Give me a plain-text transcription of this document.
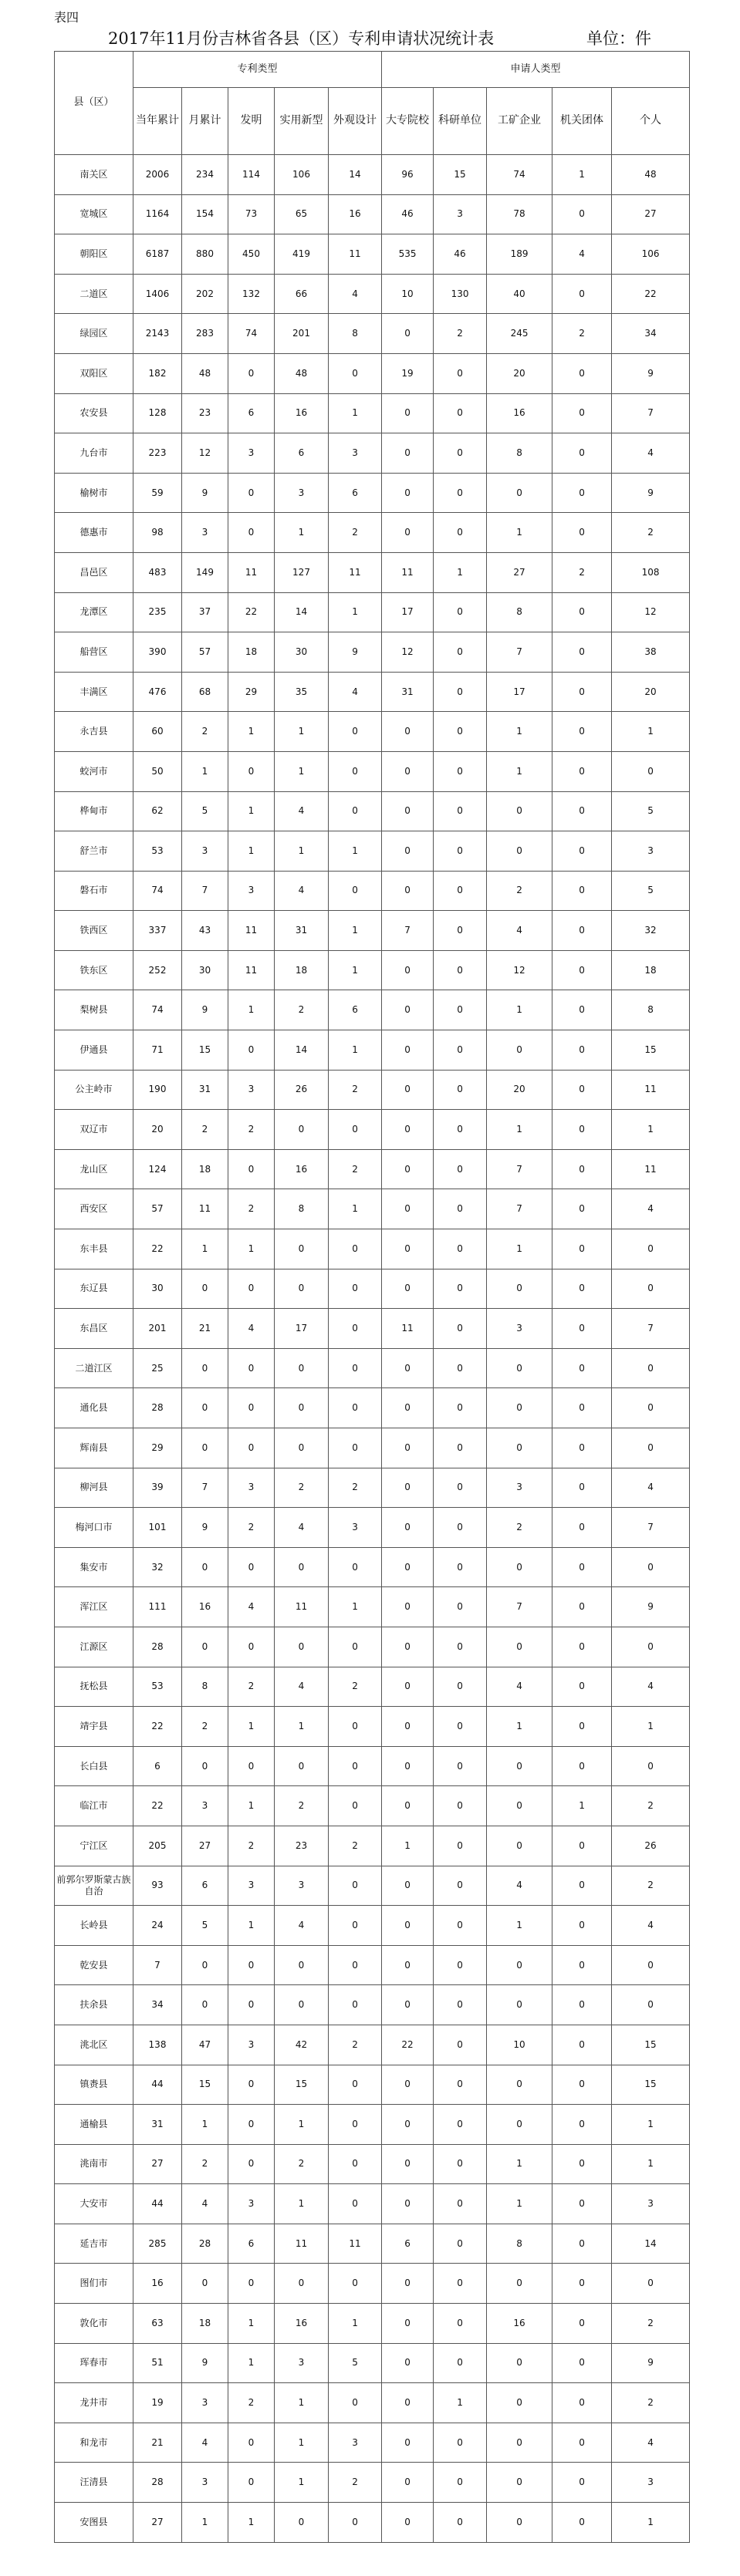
表四
2017年11月份吉林省各县（区）专利申请状况统计表	单位：件
县（区）	专利类型					申请人类型				
	当年累计	月累计	发明	实用新型	外观设计	大专院校	科研单位	工矿企业	机关团体	个人
南关区	2006	234	114	106	14	96	15	74	1	48
宽城区	1164	154	73	65	16	46	3	78	0	27
朝阳区	6187	880	450	419	11	535	46	189	4	106
二道区	1406	202	132	66	4	10	130	40	0	22
绿园区	2143	283	74	201	8	0	2	245	2	34
双阳区	182	48	0	48	0	19	0	20	0	9
农安县	128	23	6	16	1	0	0	16	0	7
九台市	223	12	3	6	3	0	0	8	0	4
榆树市	59	9	0	3	6	0	0	0	0	9
德惠市	98	3	0	1	2	0	0	1	0	2
昌邑区	483	149	11	127	11	11	1	27	2	108
龙潭区	235	37	22	14	1	17	0	8	0	12
船营区	390	57	18	30	9	12	0	7	0	38
丰满区	476	68	29	35	4	31	0	17	0	20
永吉县	60	2	1	1	0	0	0	1	0	1
蛟河市	50	1	0	1	0	0	0	1	0	0
桦甸市	62	5	1	4	0	0	0	0	0	5
舒兰市	53	3	1	1	1	0	0	0	0	3
磐石市	74	7	3	4	0	0	0	2	0	5
铁西区	337	43	11	31	1	7	0	4	0	32
铁东区	252	30	11	18	1	0	0	12	0	18
梨树县	74	9	1	2	6	0	0	1	0	8
伊通县	71	15	0	14	1	0	0	0	0	15
公主岭市	190	31	3	26	2	0	0	20	0	11
双辽市	20	2	2	0	0	0	0	1	0	1
龙山区	124	18	0	16	2	0	0	7	0	11
西安区	57	11	2	8	1	0	0	7	0	4
东丰县	22	1	1	0	0	0	0	1	0	0
东辽县	30	0	0	0	0	0	0	0	0	0
东昌区	201	21	4	17	0	11	0	3	0	7
二道江区	25	0	0	0	0	0	0	0	0	0
通化县	28	0	0	0	0	0	0	0	0	0
辉南县	29	0	0	0	0	0	0	0	0	0
柳河县	39	7	3	2	2	0	0	3	0	4
梅河口市	101	9	2	4	3	0	0	2	0	7
集安市	32	0	0	0	0	0	0	0	0	0
浑江区	111	16	4	11	1	0	0	7	0	9
江源区	28	0	0	0	0	0	0	0	0	0
抚松县	53	8	2	4	2	0	0	4	0	4
靖宇县	22	2	1	1	0	0	0	1	0	1
长白县	6	0	0	0	0	0	0	0	0	0
临江市	22	3	1	2	0	0	0	0	1	2
宁江区	205	27	2	23	2	1	0	0	0	26
前郭尔罗斯蒙古族自治	93	6	3	3	0	0	0	4	0	2
长岭县	24	5	1	4	0	0	0	1	0	4
乾安县	7	0	0	0	0	0	0	0	0	0
扶余县	34	0	0	0	0	0	0	0	0	0
洮北区	138	47	3	42	2	22	0	10	0	15
镇赉县	44	15	0	15	0	0	0	0	0	15
通榆县	31	1	0	1	0	0	0	0	0	1
洮南市	27	2	0	2	0	0	0	1	0	1
大安市	44	4	3	1	0	0	0	1	0	3
延吉市	285	28	6	11	11	6	0	8	0	14
图们市	16	0	0	0	0	0	0	0	0	0
敦化市	63	18	1	16	1	0	0	16	0	2
珲春市	51	9	1	3	5	0	0	0	0	9
龙井市	19	3	2	1	0	0	1	0	0	2
和龙市	21	4	0	1	3	0	0	0	0	4
汪清县	28	3	0	1	2	0	0	0	0	3
安图县	27	1	1	0	0	0	0	0	0	1
